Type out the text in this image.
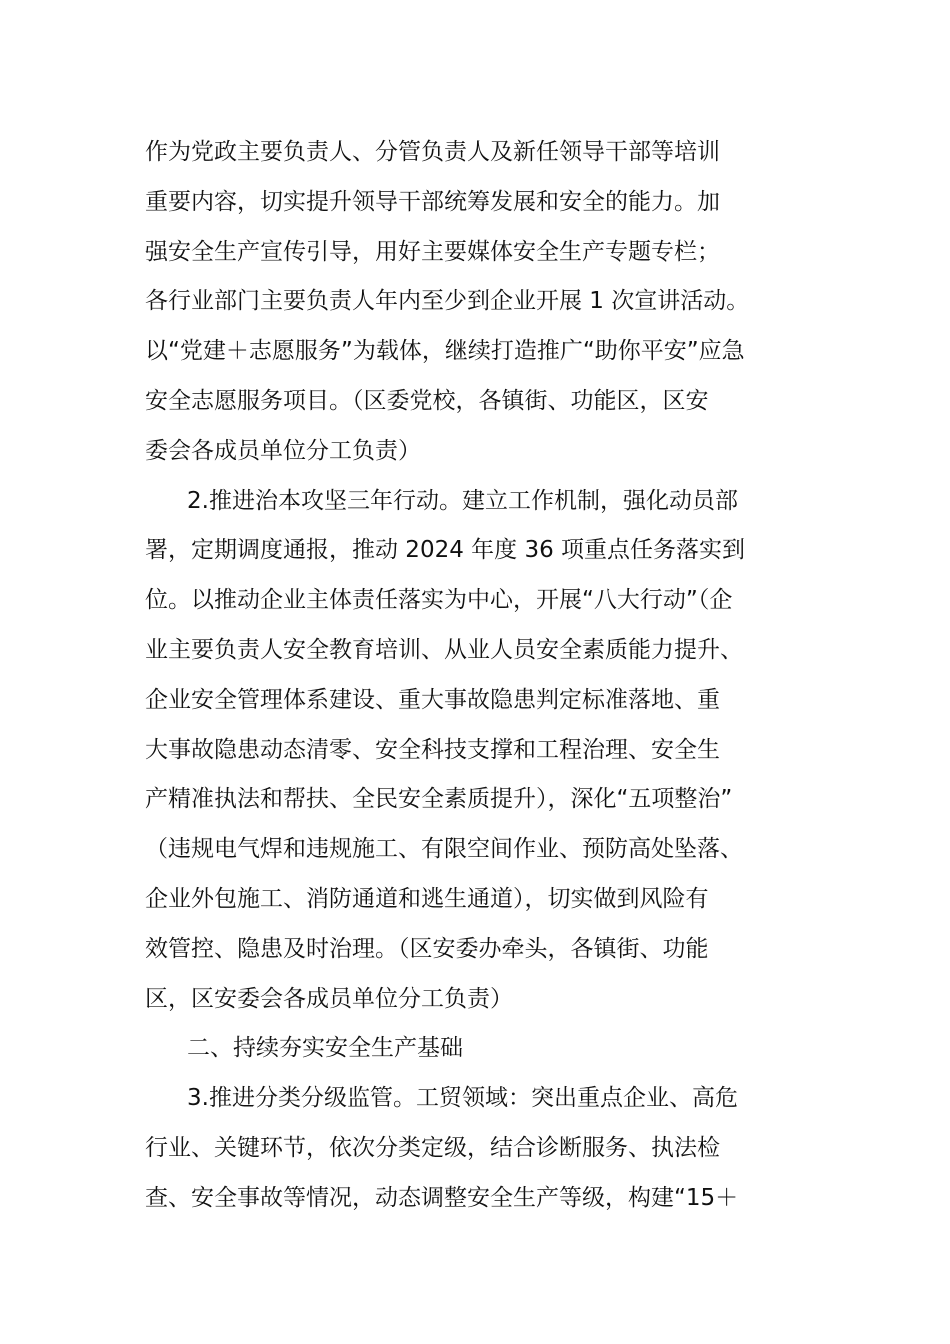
作为党政主要负责人、分管负责人及新任领导干部等培训
重要内容，切实提升领导干部统筹发展和安全的能力。加
强安全生产宣传引导，用好主要媒体安全生产专题专栏；
各行业部门主要负责人年内至少到企业开展 1 次宣讲活动。
以“党建＋志愿服务”为载体，继续打造推广“助你平安”应急
安全志愿服务项目。（区委党校，各镇街、功能区，区安
委会各成员单位分工负责）
2.推进治本攻坚三年行动。建立工作机制，强化动员部
署，定期调度通报，推动 2024 年度 36 项重点任务落实到
位。以推动企业主体责任落实为中心，开展“八大行动”（企
业主要负责人安全教育培训、从业人员安全素质能力提升、
企业安全管理体系建设、重大事故隐患判定标准落地、重
大事故隐患动态清零、安全科技支撑和工程治理、安全生
产精准执法和帮扶、全民安全素质提升），深化“五项整治”
（违规电气焊和违规施工、有限空间作业、预防高处坠落、
企业外包施工、消防通道和逃生通道），切实做到风险有
效管控、隐患及时治理。（区安委办牵头，各镇街、功能
区，区安委会各成员单位分工负责）
二、持续夯实安全生产基础
3.推进分类分级监管。工贸领域：突出重点企业、高危
行业、关键环节，依次分类定级，结合诊断服务、执法检
查、安全事故等情况，动态调整安全生产等级，构建“15＋
